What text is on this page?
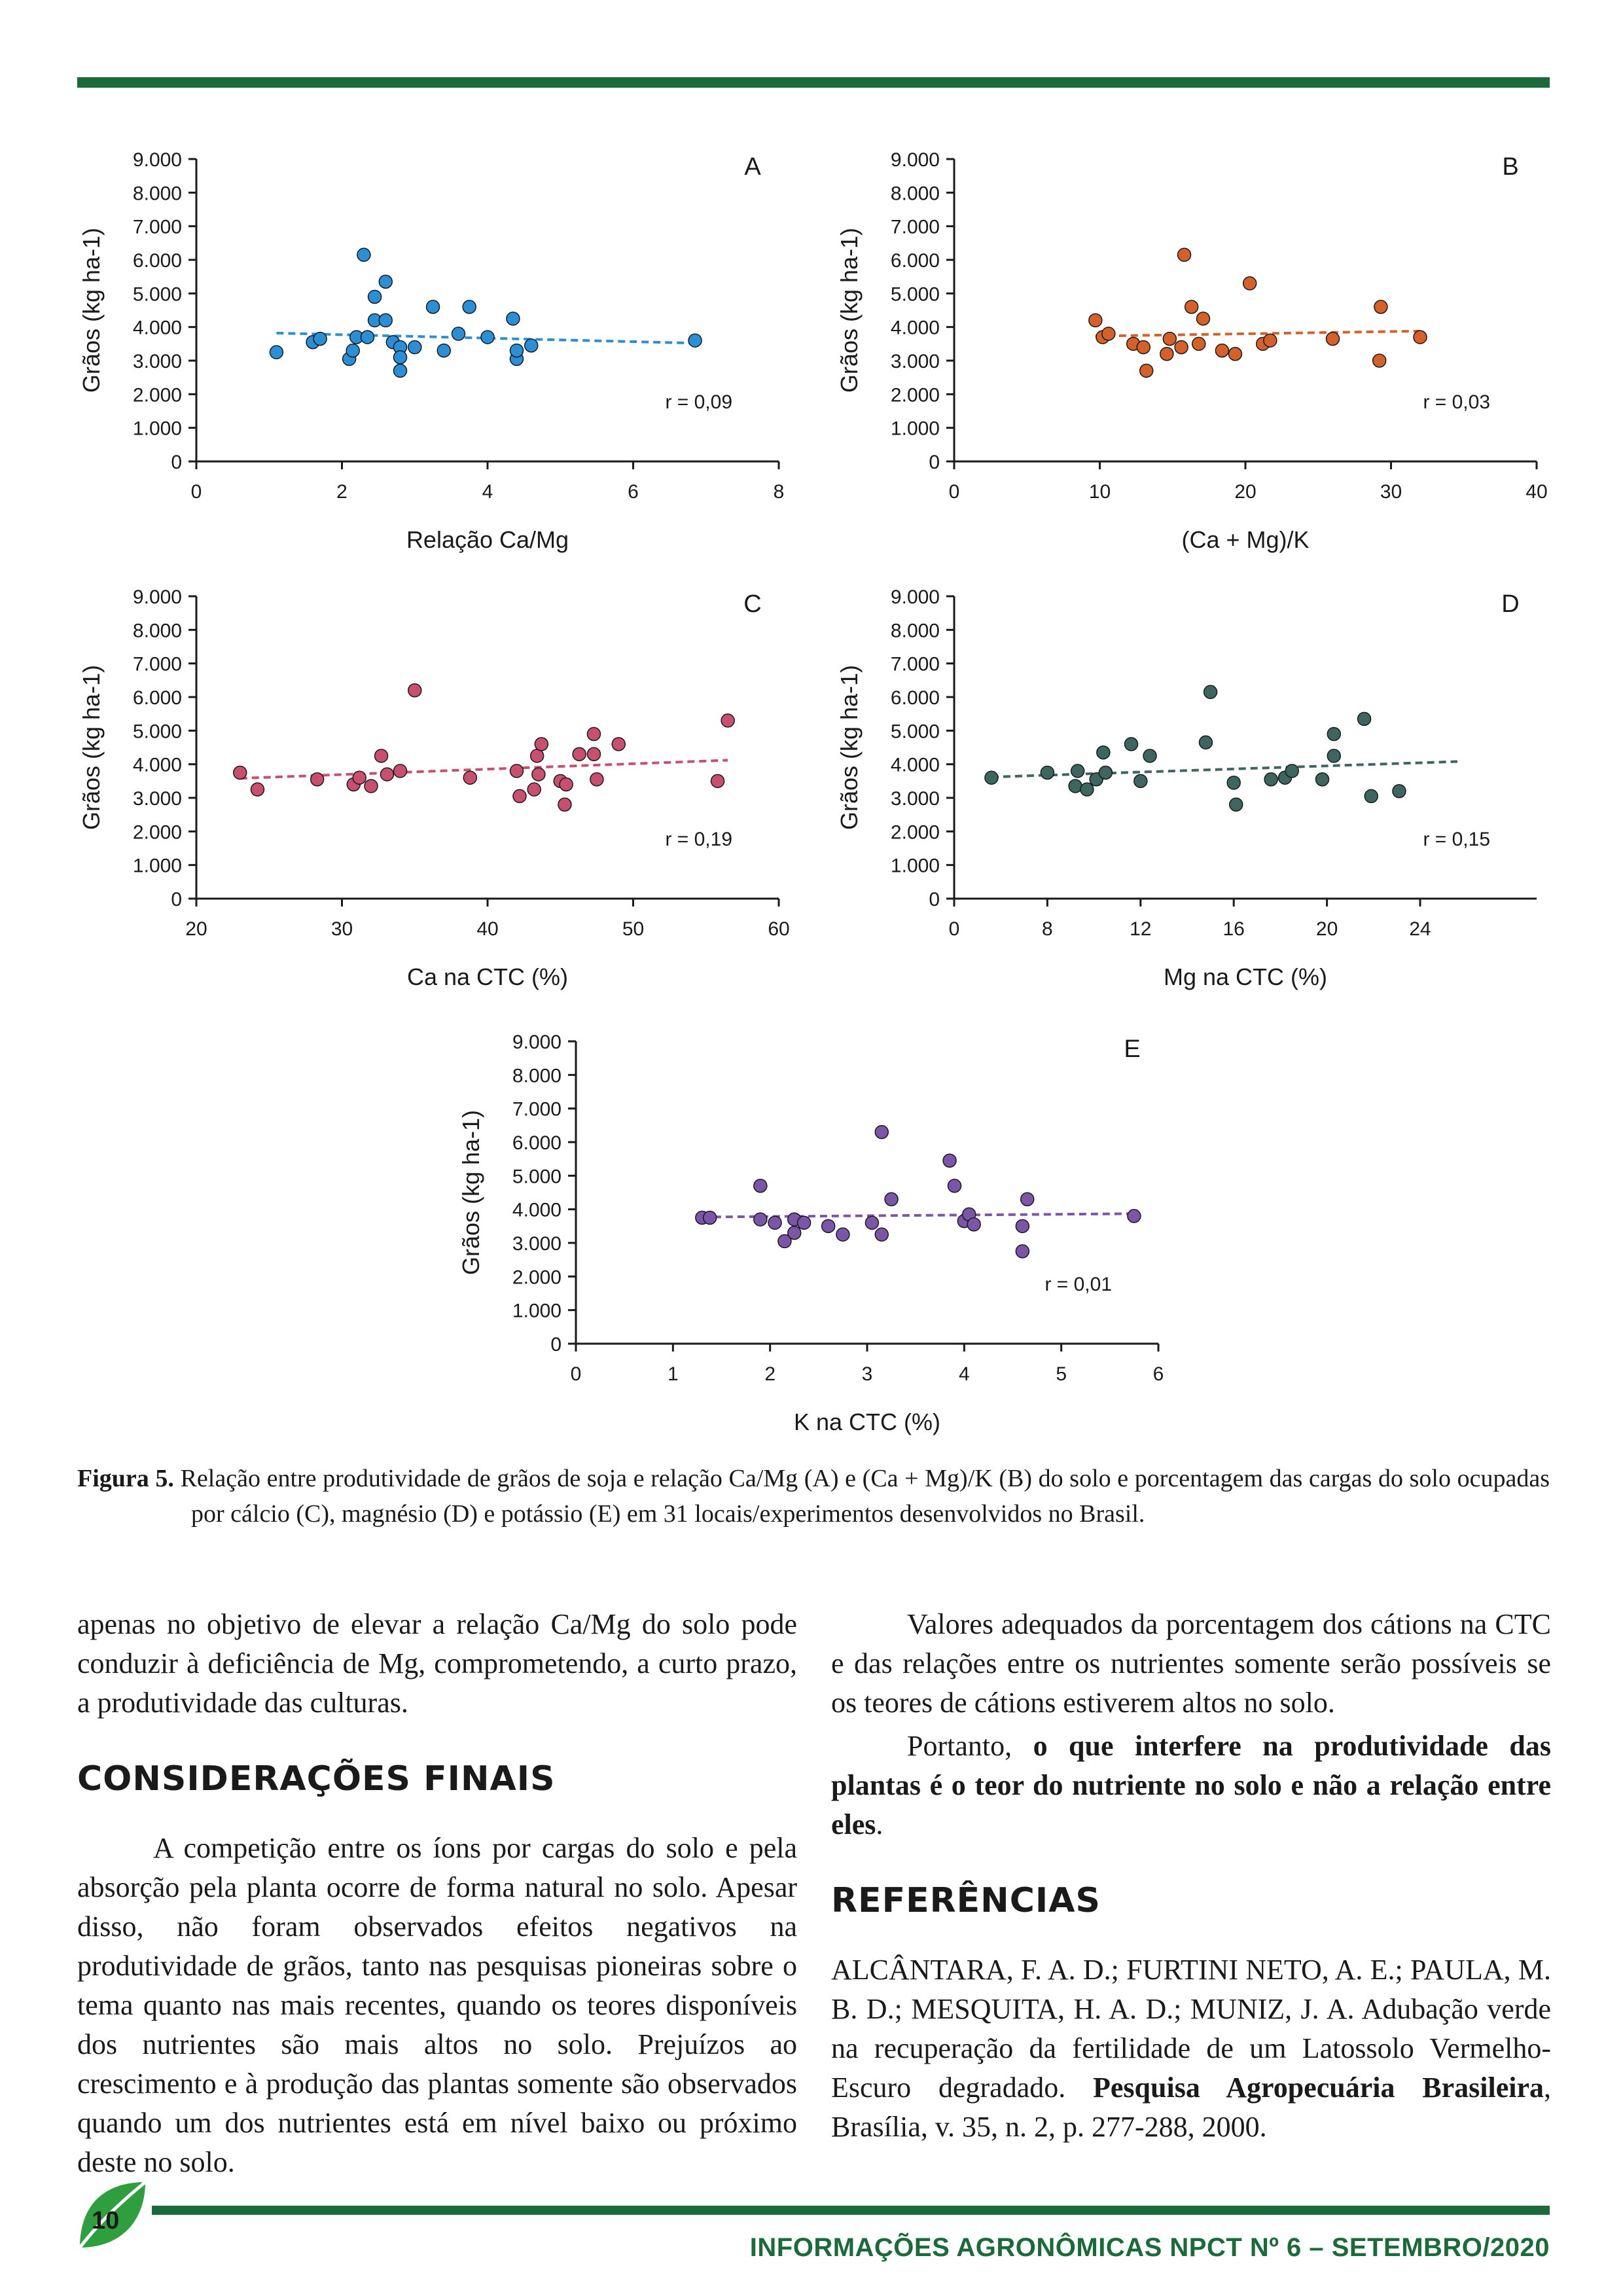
0
1.000
2.000
3.000
4.000
5.000
6.000
7.000
8.000
9.000
0	2	4	6	8
Relação Ca/Mg
Grãos (kg ha-1)
A
r = 0,09
0
1.000
2.000
3.000
4.000
5.000
6.000
7.000
8.000
9.000
0	10	20	30	40
(Ca + Mg)/K
Grãos (kg ha-1)
B
r = 0,03
0
1.000
2.000
3.000
4.000
5.000
6.000
7.000
8.000
9.000
20	30	40	50	60
Ca na CTC (%)
Grãos (kg ha-1)
C
r = 0,19
0
1.000
2.000
3.000
4.000
5.000
6.000
7.000
8.000
9.000
0	8	12	16	20	24
Mg na CTC (%)
Grãos (kg ha-1)
D
r = 0,15
0
1.000
2.000
3.000
4.000
5.000
6.000
7.000
8.000
9.000
0	1	2	3	4	5	6
K na CTC (%)
Grãos (kg ha-1)
E
r = 0,01
Figura 5. Relação entre produtividade de grãos de soja e relação Ca/Mg (A) e (Ca + Mg)/K (B) do solo e porcentagem das cargas do solo ocupadas por cálcio (C), magnésio (D) e potássio (E) em 31 locais/experimentos desenvolvidos no Brasil.

apenas no objetivo de elevar a relação Ca/Mg do solo pode conduzir à deficiência de Mg, comprometendo, a curto prazo, a produtividade das culturas.

CONSIDERAÇÕES FINAIS

A competição entre os íons por cargas do solo e pela absorção pela planta ocorre de forma natural no solo. Apesar disso, não foram observados efeitos negativos na produtividade de grãos, tanto nas pesquisas pioneiras sobre o tema quanto nas mais recentes, quando os teores disponíveis dos nutrientes são mais altos no solo. Prejuízos ao crescimento e à produção das plantas somente são observados quando um dos nutrientes está em nível baixo ou próximo deste no solo.

Valores adequados da porcentagem dos cátions na CTC e das relações entre os nutrientes somente serão possíveis se os teores de cátions estiverem altos no solo.

Portanto, o que interfere na produtividade das plantas é o teor do nutriente no solo e não a relação entre eles.

REFERÊNCIAS

ALCÂNTARA, F. A. D.; FURTINI NETO, A. E.; PAULA, M. B. D.; MESQUITA, H. A. D.; MUNIZ, J. A. Adubação verde na recuperação da fertilidade de um Latossolo Vermelho-Escuro degradado. Pesquisa Agropecuária Brasileira, Brasília, v. 35, n. 2, p. 277-288, 2000.

10
INFORMAÇÕES AGRONÔMICAS NPCT Nº 6 – SETEMBRO/2020
